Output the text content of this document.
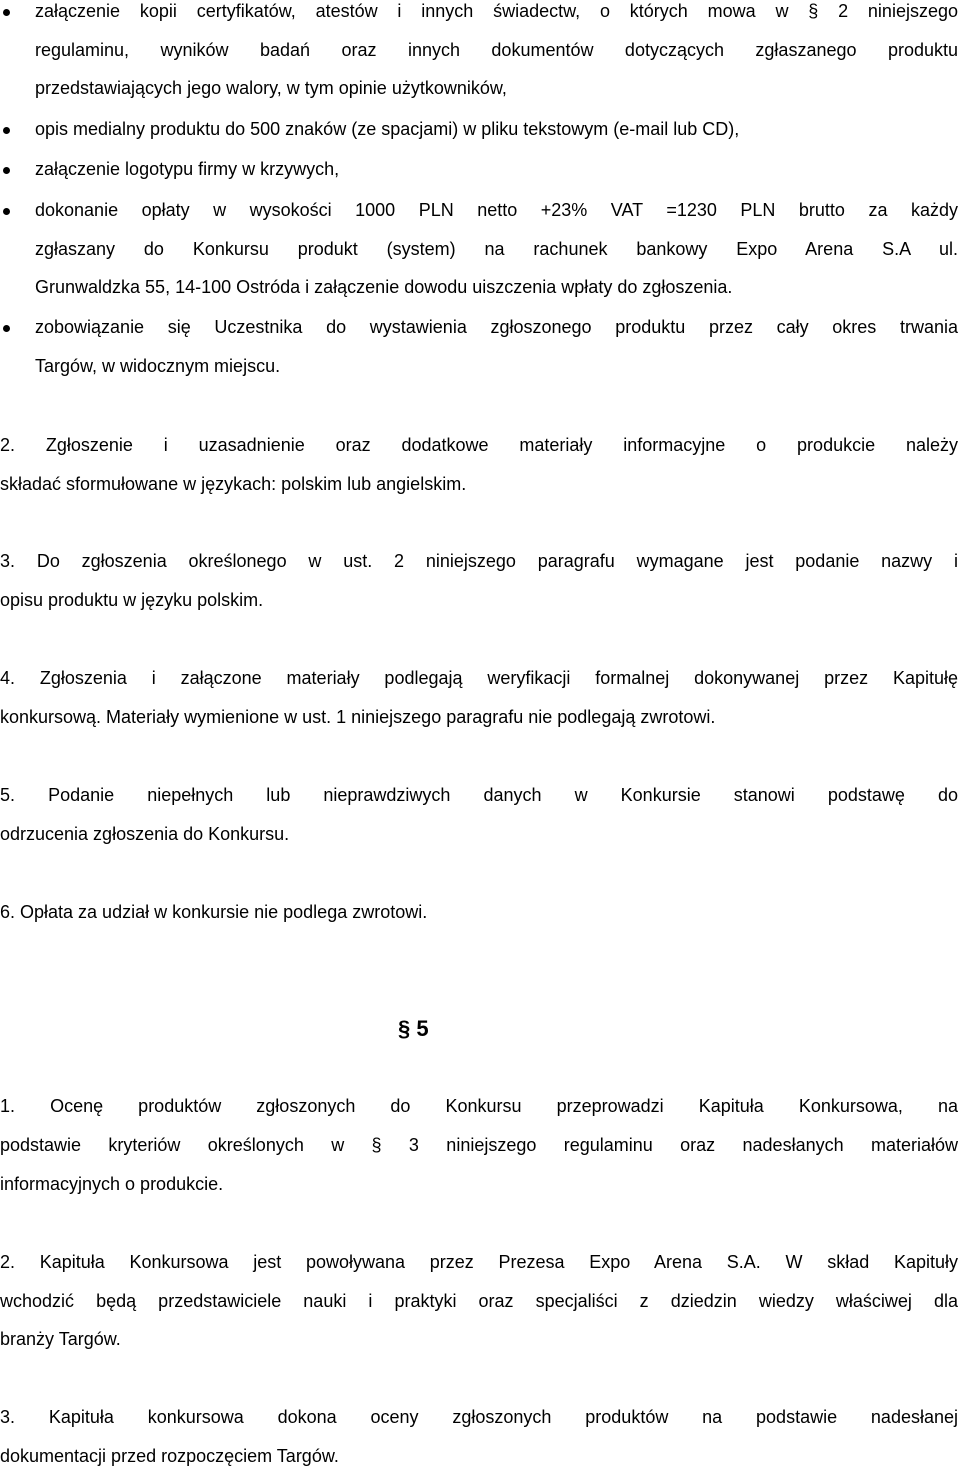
załączenie kopii certyfikatów, atestów i innych świadectw, o których mowa w § 2 niniejszego

regulaminu, wyników badań oraz innych dokumentów dotyczących zgłaszanego produktu

przedstawiających jego walory, w tym opinie użytkowników,

opis medialny produktu do 500 znaków (ze spacjami) w pliku tekstowym (e-mail lub CD),

załączenie logotypu firmy w krzywych,

dokonanie opłaty w wysokości 1000 PLN netto +23% VAT =1230 PLN brutto za każdy

zgłaszany do Konkursu produkt (system) na rachunek bankowy Expo Arena S.A ul.

Grunwaldzka 55, 14-100 Ostróda i załączenie dowodu uiszczenia wpłaty do zgłoszenia.

zobowiązanie się Uczestnika do wystawienia zgłoszonego produktu przez cały okres trwania

Targów, w widocznym miejscu.

2. Zgłoszenie i uzasadnienie oraz dodatkowe materiały informacyjne o produkcie należy

składać sformułowane w językach: polskim lub angielskim.

3. Do zgłoszenia określonego w ust. 2 niniejszego paragrafu wymagane jest podanie nazwy i

opisu produktu w języku polskim.

4. Zgłoszenia i załączone materiały podlegają weryfikacji formalnej dokonywanej przez Kapitułę

konkursową. Materiały wymienione w ust. 1 niniejszego paragrafu nie podlegają zwrotowi.

5. Podanie niepełnych lub nieprawdziwych danych w Konkursie stanowi podstawę do

odrzucenia zgłoszenia do Konkursu.

6. Opłata za udział w konkursie nie podlega zwrotowi.

§ 5

1. Ocenę produktów zgłoszonych do Konkursu przeprowadzi Kapituła Konkursowa, na

podstawie kryteriów określonych w § 3 niniejszego regulaminu oraz nadesłanych materiałów

informacyjnych o produkcie.

2. Kapituła Konkursowa jest powoływana przez Prezesa Expo Arena S.A. W skład Kapituły

wchodzić będą przedstawiciele nauki i praktyki oraz specjaliści z dziedzin wiedzy właściwej dla

branży Targów.

3. Kapituła konkursowa dokona oceny zgłoszonych produktów na podstawie nadesłanej

dokumentacji przed rozpoczęciem Targów.
